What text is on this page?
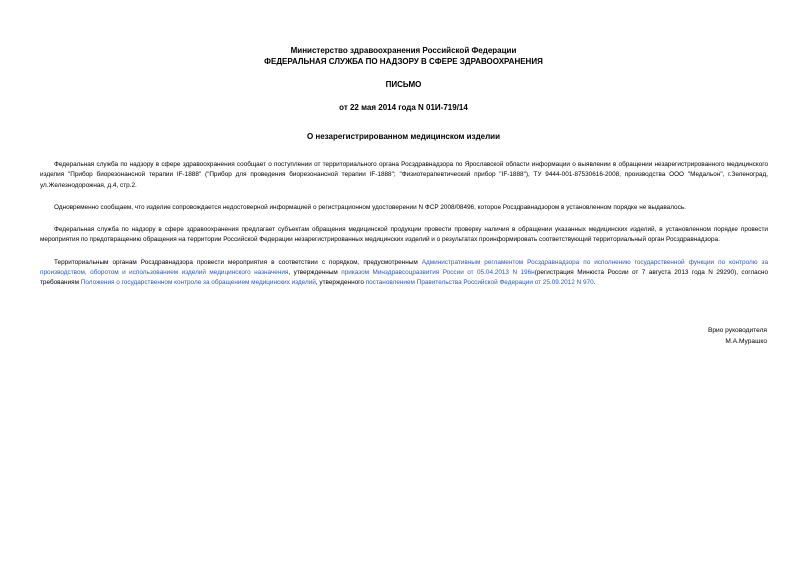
Министерство здравоохранения Российской Федерации
ФЕДЕРАЛЬНАЯ СЛУЖБА ПО НАДЗОРУ В СФЕРЕ ЗДРАВООХРАНЕНИЯ
ПИСЬМО
от 22 мая 2014 года N 01И-719/14
О незарегистрированном медицинском изделии

Федеральная служба по надзору в сфере здравоохранения сообщает о поступлении от территориального органа Росздравнадзора по Ярославской области информации о выявлении в обращении незарегистрированного медицинского изделия "Прибор биорезонансной терапии IF-1888" ("Прибор для проведения биорезонансной терапии IF-1888"; "Физиотерапевтический прибор "IF-1888"), ТУ 9444-001-87530616-2008, производства ООО "Медальон", г.Зеленоград, ул.Железнодорожная, д.4, стр.2.

Одновременно сообщаем, что изделие сопровождается недостоверной информацией о регистрационном удостоверении N ФСР 2008/08496, которое Росздравнадзором в установленном порядке не выдавалось.

Федеральная служба по надзору в сфере здравоохранения предлагает субъектам обращения медицинской продукции провести проверку наличия в обращении указанных медицинских изделий, в установленном порядке провести мероприятия по предотвращению обращения на территории Российской Федерации незарегистрированных медицинских изделий и о результатах проинформировать соответствующий территориальный орган Росздравнадзора.

Территориальным органам Росздравнадзора провести мероприятия в соответствии с порядком, предусмотренным Административным регламентом Росздравнадзора по исполнению государственной функции по контролю за производством, оборотом и использованием изделий медицинского назначения, утвержденным приказом Минздравсоцразвития России от 05.04.2013 N 196н(регистрация Минюста России от 7 августа 2013 года N 29290), согласно требованиям Положения о государственном контроле за обращением медицинских изделий, утвержденного постановлением Правительства Российской Федерации от 25.09.2012 N 970.

Врио руководителя
М.А.Мурашко
